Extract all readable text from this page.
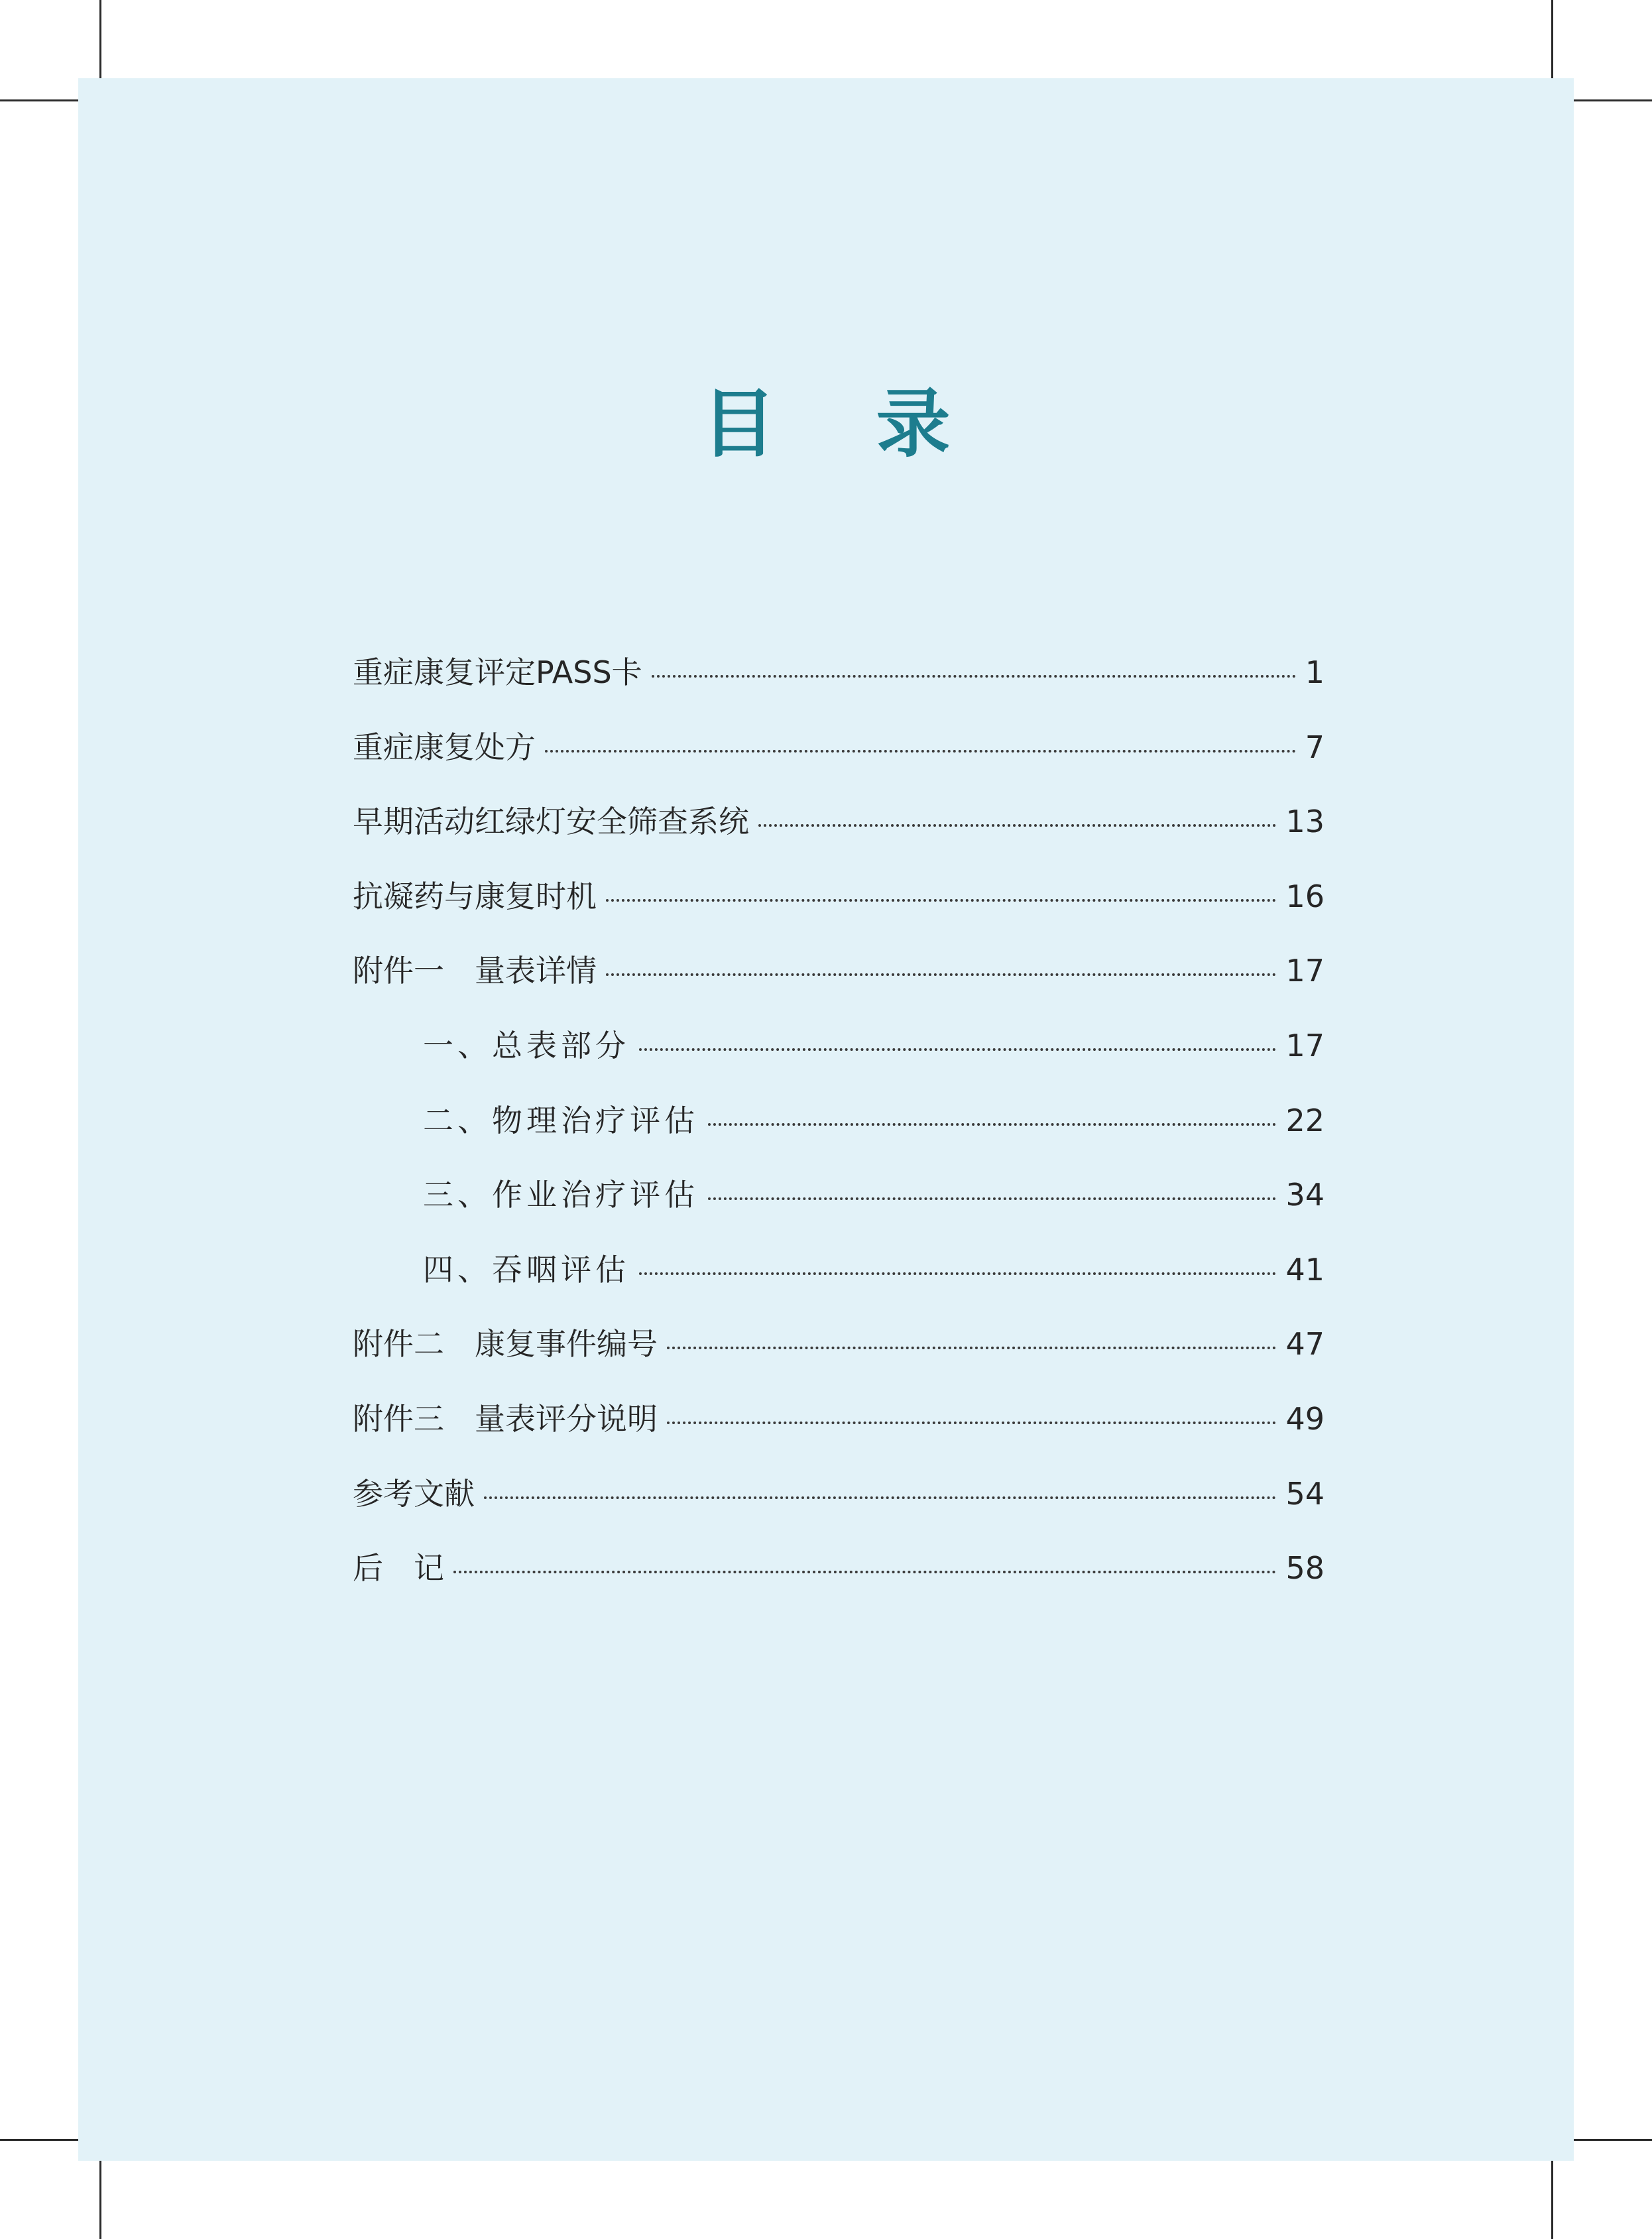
目 录
重症康复评定PASS卡	1
重症康复处方	7
早期活动红绿灯安全筛查系统	13
抗凝药与康复时机	16
附件一　量表详情	17
一、总表部分	17
二、物理治疗评估	22
三、作业治疗评估	34
四、吞咽评估	41
附件二　康复事件编号	47
附件三　量表评分说明	49
参考文献	54
后　记	58
